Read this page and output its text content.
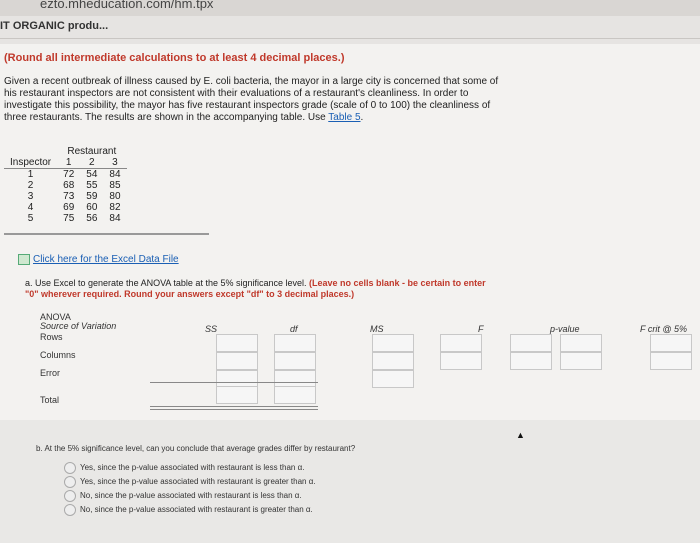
ezto.mheducation.com/hm.tpx
IT ORGANIC produ...
(Round all intermediate calculations to at least 4 decimal places.)
Given a recent outbreak of illness caused by E. coli bacteria, the mayor in a large city is concerned that some of his restaurant inspectors are not consistent with their evaluations of a restaurant's cleanliness. In order to investigate this possibility, the mayor has five restaurant inspectors grade (scale of 0 to 100) the cleanliness of three restaurants. The results are shown in the accompanying table. Use Table 5.
	Restaurant		
Inspector	1	2	3
1	72	54	84
2	68	55	85
3	73	59	80
4	69	60	82
5	75	56	84
Click here for the Excel Data File
a. Use Excel to generate the ANOVA table at the 5% significance level. (Leave no cells blank - be certain to enter "0" wherever required. Round your answers except "df" to 3 decimal places.)
ANOVA
Source of Variation
Rows
Columns
Error
Total
SS	df	MS	F	p-value	F crit @ 5%
▲
b. At the 5% significance level, can you conclude that average grades differ by restaurant?
Yes, since the p-value associated with restaurant is less than α.
Yes, since the p-value associated with restaurant is greater than α.
No, since the p-value associated with restaurant is less than α.
No, since the p-value associated with restaurant is greater than α.
